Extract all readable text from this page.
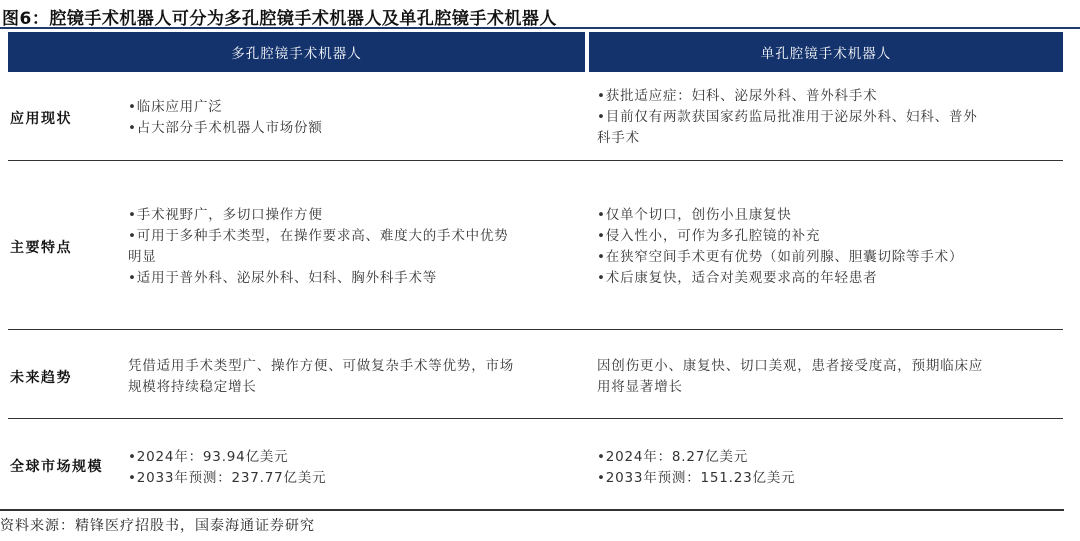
图6：腔镜手术机器人可分为多孔腔镜手术机器人及单孔腔镜手术机器人
多孔腔镜手术机器人	单孔腔镜手术机器人
应用现状
•临床应用广泛
•占大部分手术机器人市场份额
•获批适应症：妇科、泌尿外科、普外科手术
•目前仅有两款获国家药监局批准用于泌尿外科、妇科、普外
科手术
主要特点
•手术视野广，多切口操作方便
•可用于多种手术类型，在操作要求高、难度大的手术中优势
明显
•适用于普外科、泌尿外科、妇科、胸外科手术等
•仅单个切口，创伤小且康复快
•侵入性小，可作为多孔腔镜的补充
•在狭窄空间手术更有优势（如前列腺、胆囊切除等手术）
•术后康复快，适合对美观要求高的年轻患者
未来趋势
凭借适用手术类型广、操作方便、可做复杂手术等优势，市场
规模将持续稳定增长
因创伤更小、康复快、切口美观，患者接受度高，预期临床应
用将显著增长
全球市场规模
•2024年：93.94亿美元
•2033年预测：237.77亿美元
•2024年：8.27亿美元
•2033年预测：151.23亿美元
资料来源：精锋医疗招股书，国泰海通证券研究
